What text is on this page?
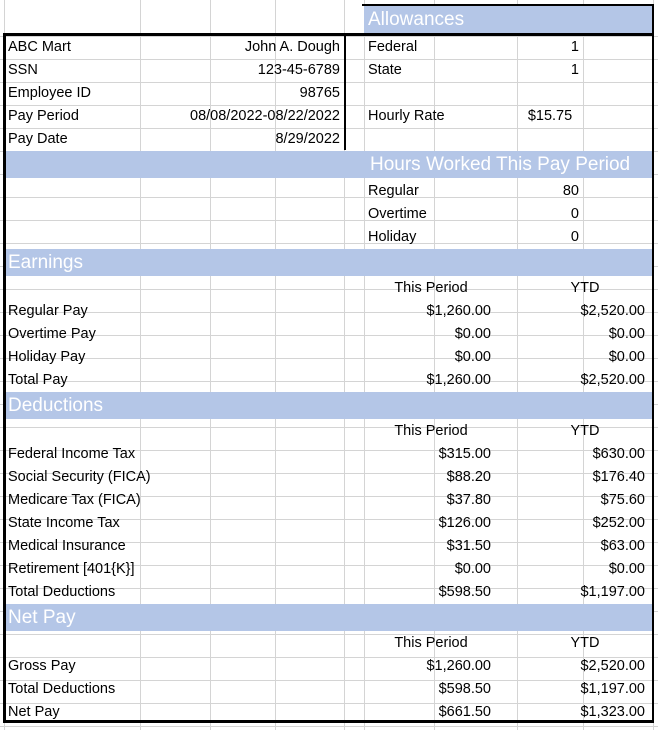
Allowances
Hours Worked This Pay Period
Earnings
Deductions
Net Pay
ABC Mart	John A. Dough	Federal	1
State	1
SSN	123-45-6789
Employee ID	98765
Pay Period	08/08/2022-08/22/2022
Pay Date	8/29/2022
Hourly Rate	$15.75
Regular	80
Overtime	0
Holiday	0
This Period	YTD
Regular Pay	$1,260.00	$2,520.00
Overtime Pay	$0.00	$0.00
Holiday Pay	$0.00	$0.00
Total Pay	$1,260.00	$2,520.00
This Period	YTD
Federal Income Tax	$315.00	$630.00
Social Security (FICA)	$88.20	$176.40
Medicare Tax (FICA)	$37.80	$75.60
State Income Tax	$126.00	$252.00
Medical Insurance	$31.50	$63.00
Retirement [401{K}]	$0.00	$0.00
Total Deductions	$598.50	$1,197.00
This Period	YTD
Gross Pay	$1,260.00	$2,520.00
Total Deductions	$598.50	$1,197.00
Net Pay	$661.50	$1,323.00
